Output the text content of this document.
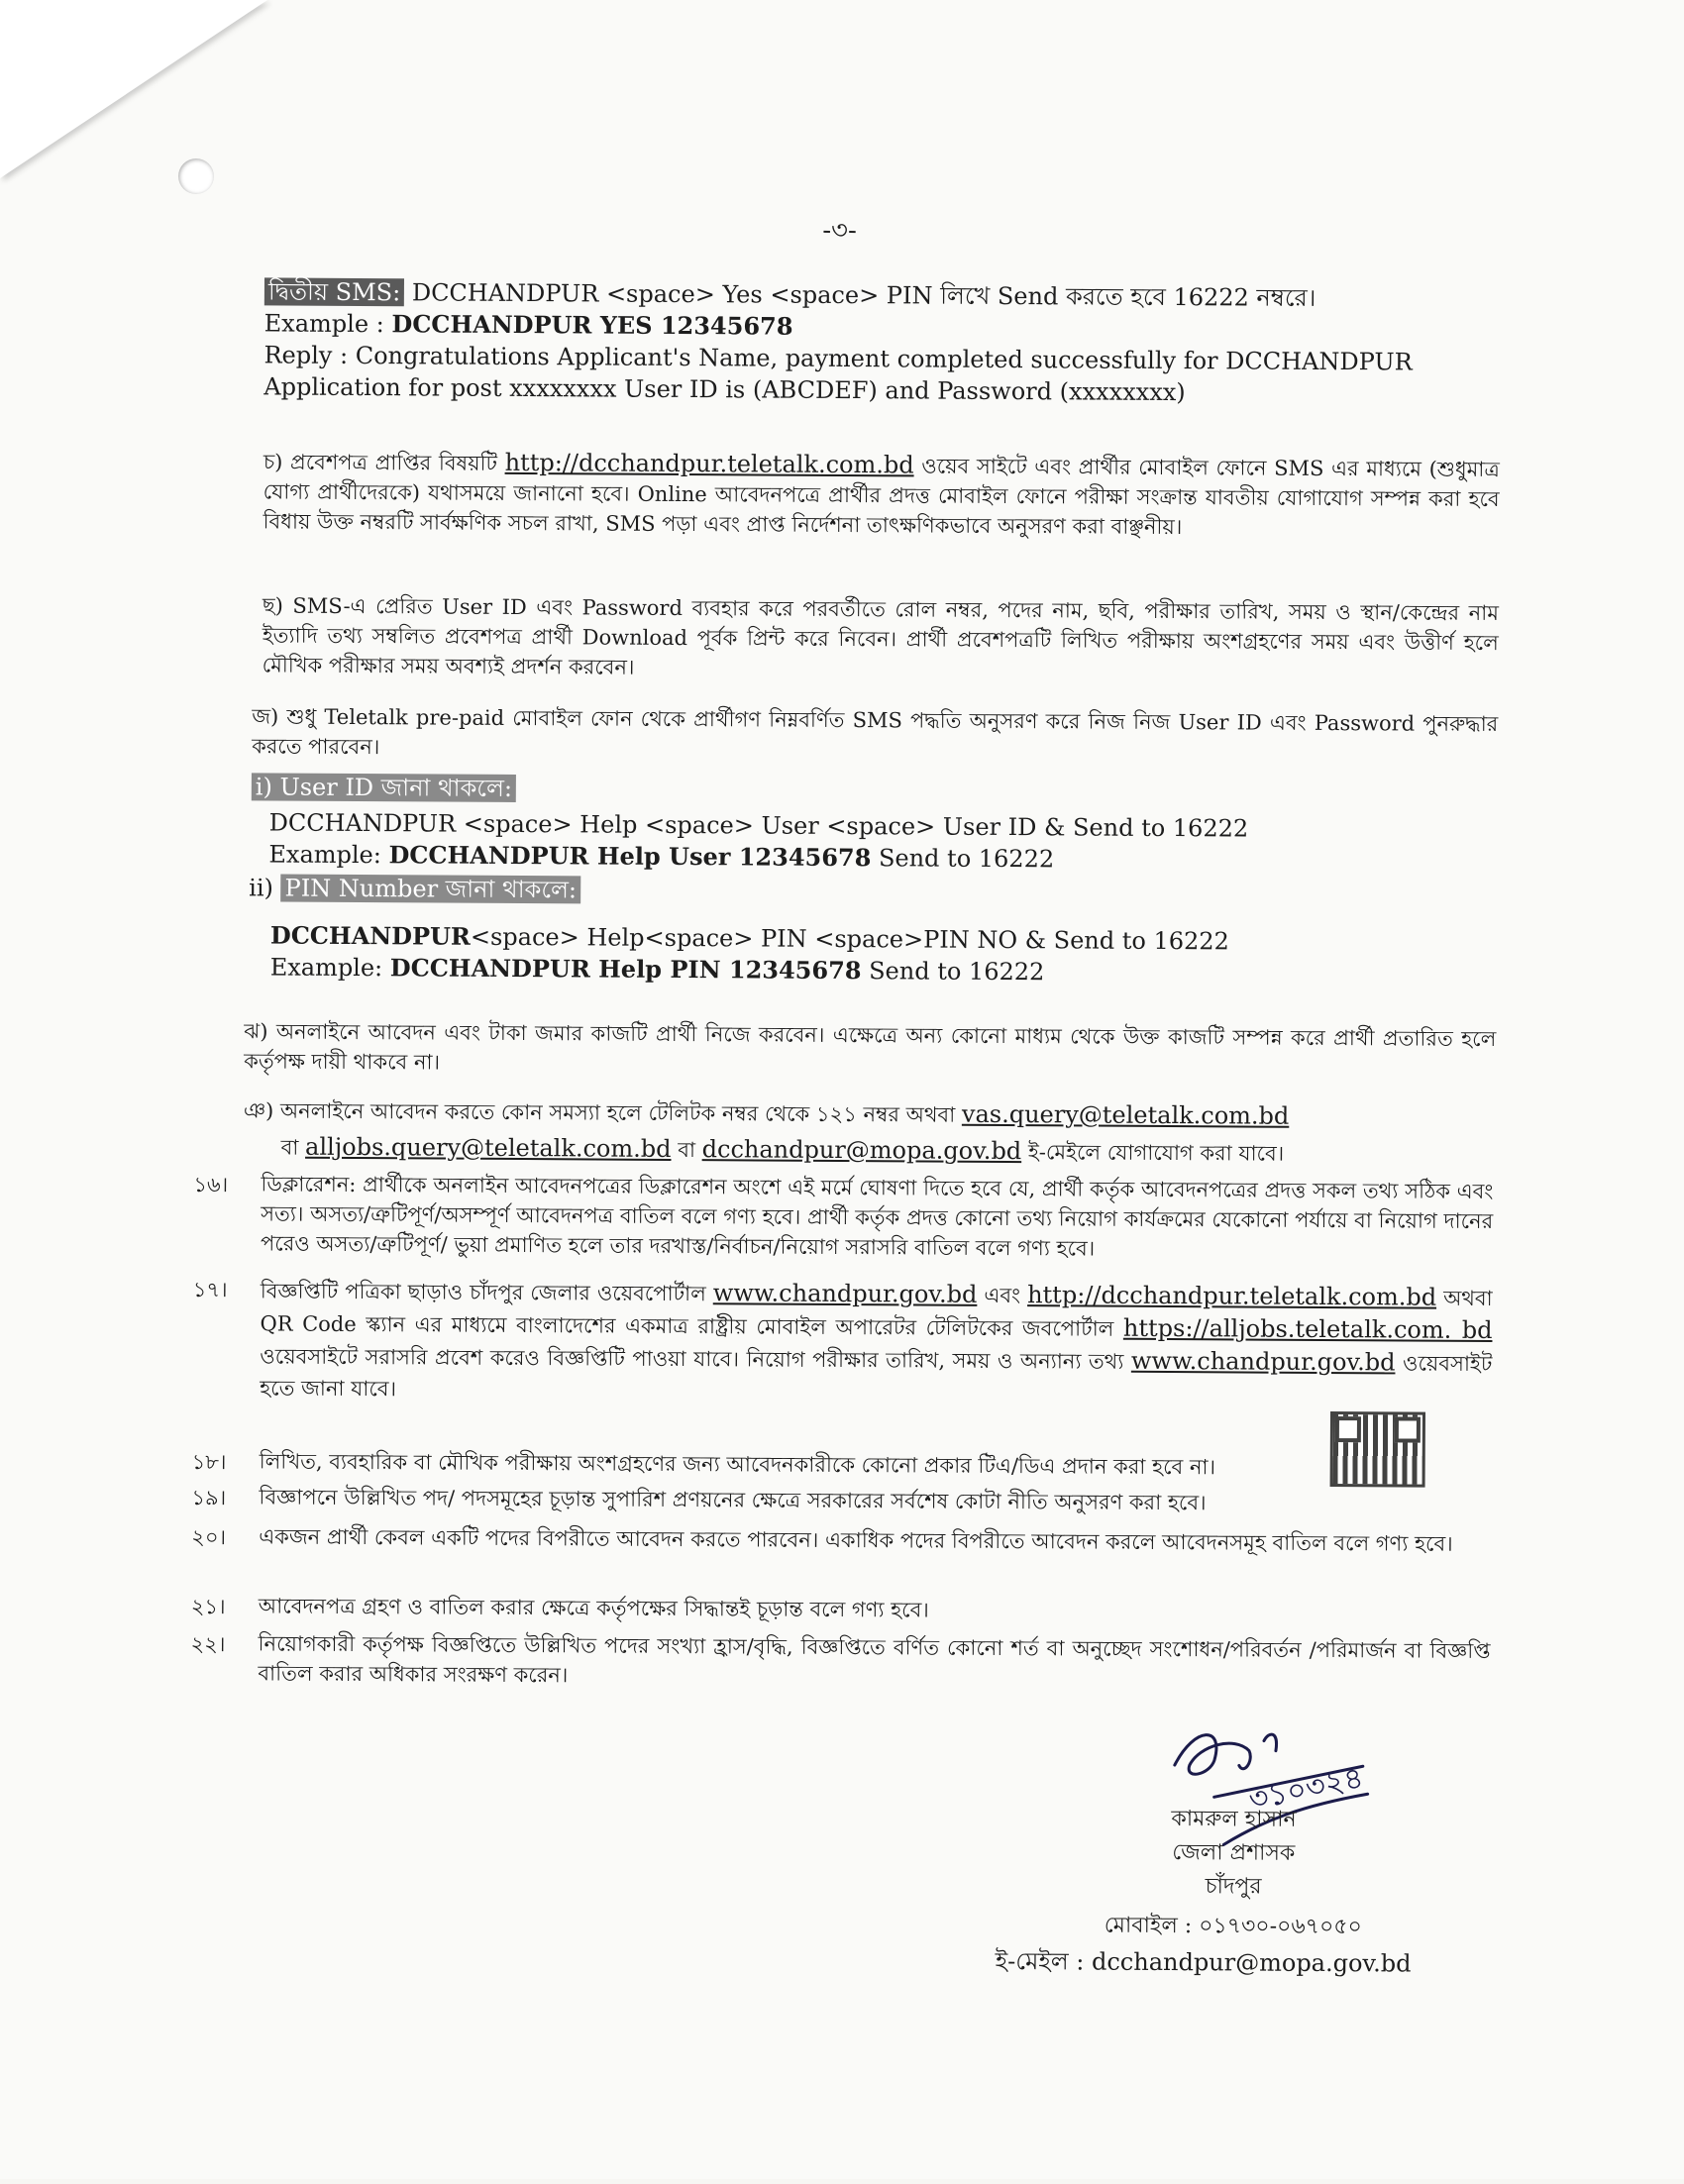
-৩-
দ্বিতীয় SMS: DCCHANDPUR <space> Yes <space> PIN লিখে Send করতে হবে 16222 নম্বরে।
Example : DCCHANDPUR YES 12345678
Reply : Congratulations Applicant's Name, payment completed successfully for DCCHANDPUR
Application for post xxxxxxxx User ID is (ABCDEF) and Password (xxxxxxxx)
চ) প্রবেশপত্র প্রাপ্তির বিষয়টি http://dcchandpur.teletalk.com.bd ওয়েব সাইটে এবং প্রার্থীর মোবাইল ফোনে SMS এর মাধ্যমে (শুধুমাত্র যোগ্য প্রার্থীদেরকে) যথাসময়ে জানানো হবে। Online আবেদনপত্রে প্রার্থীর প্রদত্ত মোবাইল ফোনে পরীক্ষা সংক্রান্ত যাবতীয় যোগাযোগ সম্পন্ন করা হবে বিধায় উক্ত নম্বরটি সার্বক্ষণিক সচল রাখা, SMS পড়া এবং প্রাপ্ত নির্দেশনা তাৎক্ষণিকভাবে অনুসরণ করা বাঞ্ছনীয়।
ছ) SMS-এ প্রেরিত User ID এবং Password ব্যবহার করে পরবর্তীতে রোল নম্বর, পদের নাম, ছবি, পরীক্ষার তারিখ, সময় ও স্থান/কেন্দ্রের নাম ইত্যাদি তথ্য সম্বলিত প্রবেশপত্র প্রার্থী Download পূর্বক প্রিন্ট করে নিবেন। প্রার্থী প্রবেশপত্রটি লিখিত পরীক্ষায় অংশগ্রহণের সময় এবং উত্তীর্ণ হলে মৌখিক পরীক্ষার সময় অবশ্যই প্রদর্শন করবেন।
জ) শুধু Teletalk pre-paid মোবাইল ফোন থেকে প্রার্থীগণ নিম্নবর্ণিত SMS পদ্ধতি অনুসরণ করে নিজ নিজ User ID এবং Password পুনরুদ্ধার করতে পারবেন।
i) User ID জানা থাকলে:
DCCHANDPUR <space> Help <space> User <space> User ID & Send to 16222
Example: DCCHANDPUR Help User 12345678 Send to 16222
ii) PIN Number জানা থাকলে:
DCCHANDPUR<space> Help<space> PIN <space>PIN NO & Send to 16222
Example: DCCHANDPUR Help PIN 12345678 Send to 16222
ঝ) অনলাইনে আবেদন এবং টাকা জমার কাজটি প্রার্থী নিজে করবেন। এক্ষেত্রে অন্য কোনো মাধ্যম থেকে উক্ত কাজটি সম্পন্ন করে প্রার্থী প্রতারিত হলে কর্তৃপক্ষ দায়ী থাকবে না।
ঞ) অনলাইনে আবেদন করতে কোন সমস্যা হলে টেলিটক নম্বর থেকে ১২১ নম্বর অথবা vas.query@teletalk.com.bd
বা alljobs.query@teletalk.com.bd বা dcchandpur@mopa.gov.bd ই-মেইলে যোগাযোগ করা যাবে।
১৬। ডিক্লারেশন: প্রার্থীকে অনলাইন আবেদনপত্রের ডিক্লারেশন অংশে এই মর্মে ঘোষণা দিতে হবে যে, প্রার্থী কর্তৃক আবেদনপত্রের প্রদত্ত সকল তথ্য সঠিক এবং সত্য। অসত্য/ত্রুটিপূর্ণ/অসম্পূর্ণ আবেদনপত্র বাতিল বলে গণ্য হবে। প্রার্থী কর্তৃক প্রদত্ত কোনো তথ্য নিয়োগ কার্যক্রমের যেকোনো পর্যায়ে বা নিয়োগ দানের পরেও অসত্য/ত্রুটিপূর্ণ/ ভুয়া প্রমাণিত হলে তার দরখাস্ত/নির্বাচন/নিয়োগ সরাসরি বাতিল বলে গণ্য হবে।
১৭। বিজ্ঞপ্তিটি পত্রিকা ছাড়াও চাঁদপুর জেলার ওয়েবপোর্টাল www.chandpur.gov.bd এবং http://dcchandpur.teletalk.com.bd অথবা QR Code স্ক্যান এর মাধ্যমে বাংলাদেশের একমাত্র রাষ্ট্রীয় মোবাইল অপারেটর টেলিটকের জবপোর্টাল https://alljobs.teletalk.com. bd ওয়েবসাইটে সরাসরি প্রবেশ করেও বিজ্ঞপ্তিটি পাওয়া যাবে। নিয়োগ পরীক্ষার তারিখ, সময় ও অন্যান্য তথ্য www.chandpur.gov.bd ওয়েবসাইট হতে জানা যাবে।
১৮। লিখিত, ব্যবহারিক বা মৌখিক পরীক্ষায় অংশগ্রহণের জন্য আবেদনকারীকে কোনো প্রকার টিএ/ডিএ প্রদান করা হবে না।
১৯। বিজ্ঞাপনে উল্লিখিত পদ/ পদসমূহের চূড়ান্ত সুপারিশ প্রণয়নের ক্ষেত্রে সরকারের সর্বশেষ কোটা নীতি অনুসরণ করা হবে।
২০। একজন প্রার্থী কেবল একটি পদের বিপরীতে আবেদন করতে পারবেন। একাধিক পদের বিপরীতে আবেদন করলে আবেদনসমূহ বাতিল বলে গণ্য হবে।
২১। আবেদনপত্র গ্রহণ ও বাতিল করার ক্ষেত্রে কর্তৃপক্ষের সিদ্ধান্তই চূড়ান্ত বলে গণ্য হবে।
২২। নিয়োগকারী কর্তৃপক্ষ বিজ্ঞপ্তিতে উল্লিখিত পদের সংখ্যা হ্রাস/বৃদ্ধি, বিজ্ঞপ্তিতে বর্ণিত কোনো শর্ত বা অনুচ্ছেদ সংশোধন/পরিবর্তন /পরিমার্জন বা বিজ্ঞপ্তি বাতিল করার অধিকার সংরক্ষণ করেন।
৩১০৩২৪
কামরুল হাসান
জেলা প্রশাসক
চাঁদপুর
মোবাইল : ০১৭৩০-০৬৭০৫০
ই-মেইল : dcchandpur@mopa.gov.bd
